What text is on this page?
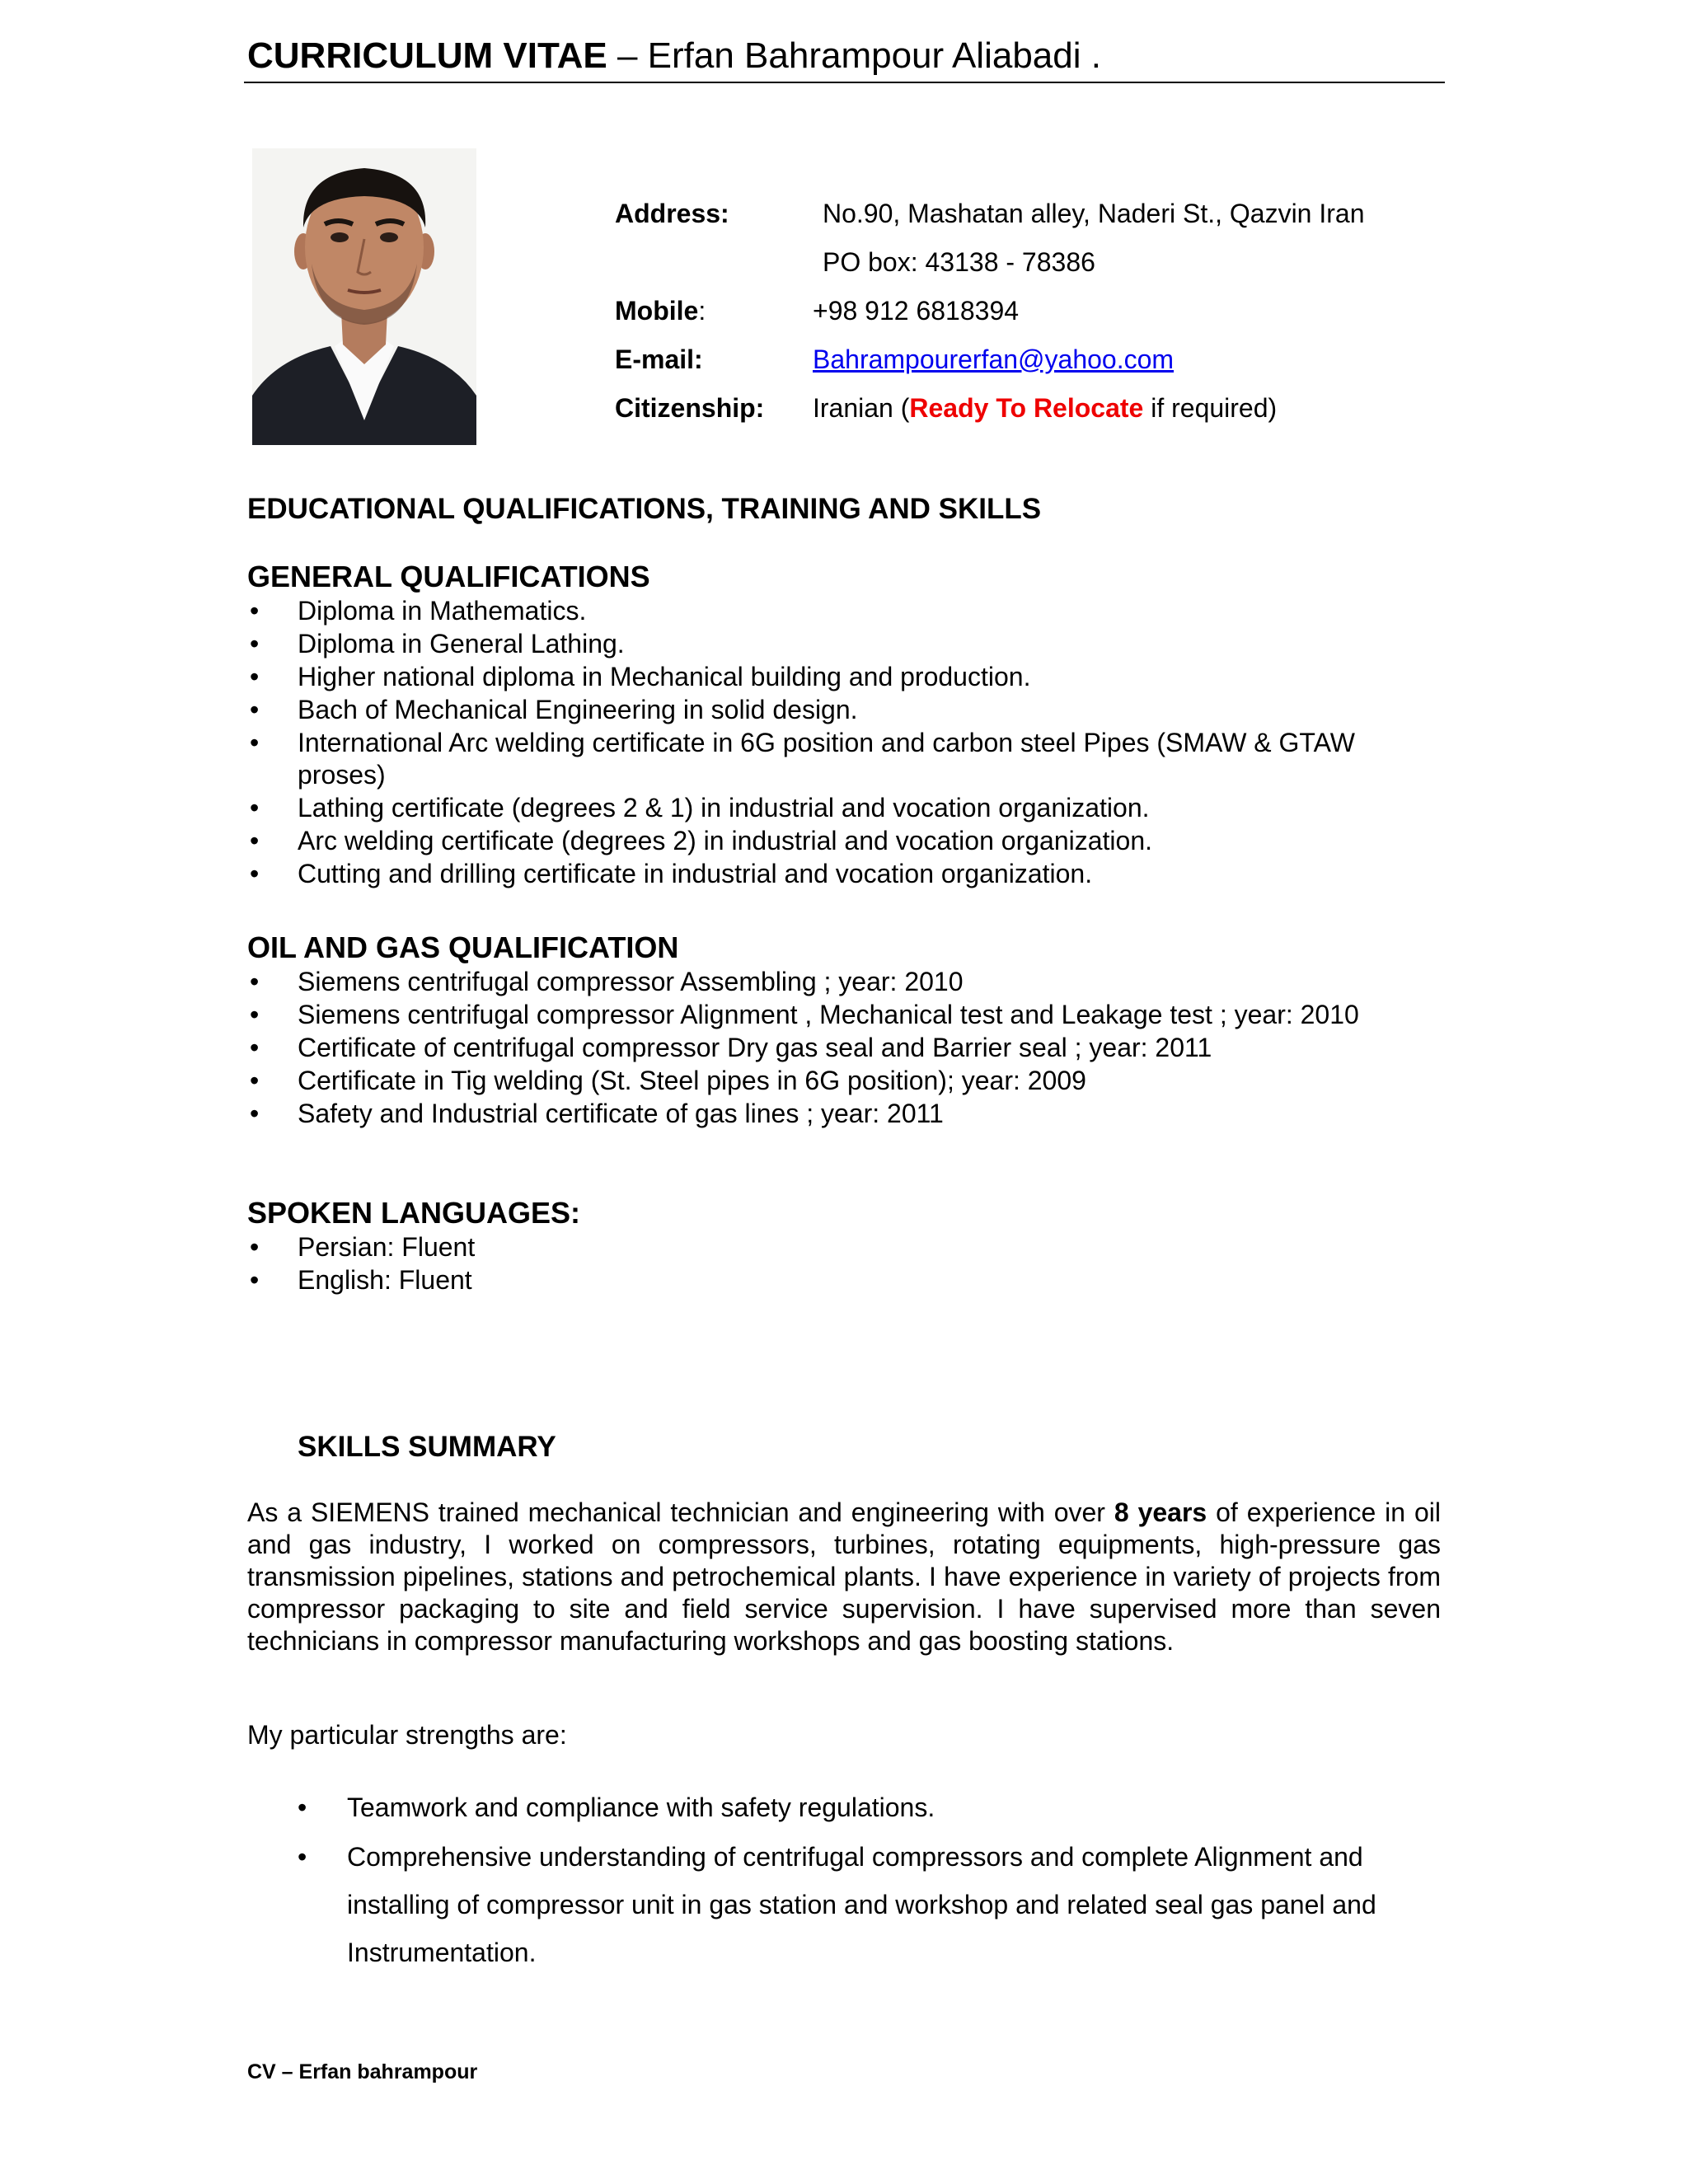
CURRICULUM VITAE – Erfan Bahrampour Aliabadi .
Address:	No.90, Mashatan alley, Naderi St., Qazvin Iran
PO box: 43138 - 78386
Mobile:	+98 912 6818394
E-mail:	Bahrampourerfan@yahoo.com
Citizenship: Iranian (Ready To Relocate if required)
EDUCATIONAL QUALIFICATIONS, TRAINING AND SKILLS
GENERAL QUALIFICATIONS
• Diploma in Mathematics.
• Diploma in General Lathing.
• Higher national diploma in Mechanical building and production.
• Bach of Mechanical Engineering in solid design.
• International Arc welding certificate in 6G position and carbon steel Pipes (SMAW & GTAW proses)
• Lathing certificate (degrees 2 & 1) in industrial and vocation organization.
• Arc welding certificate (degrees 2) in industrial and vocation organization.
• Cutting and drilling certificate in industrial and vocation organization.
OIL AND GAS QUALIFICATION
• Siemens centrifugal compressor Assembling ; year: 2010
• Siemens centrifugal compressor Alignment , Mechanical test and Leakage test ; year: 2010
• Certificate of centrifugal compressor Dry gas seal and Barrier seal ; year: 2011
• Certificate in Tig welding (St. Steel pipes in 6G position); year: 2009
• Safety and Industrial certificate of gas lines ; year: 2011
SPOKEN LANGUAGES:
• Persian: Fluent
• English: Fluent
SKILLS SUMMARY
As a SIEMENS trained mechanical technician and engineering with over 8 years of experience in oil and gas industry, I worked on compressors, turbines, rotating equipments, high-pressure gas transmission pipelines, stations and petrochemical plants. I have experience in variety of projects from compressor packaging to site and field service supervision. I have supervised more than seven technicians in compressor manufacturing workshops and gas boosting stations.
My particular strengths are:
• Teamwork and compliance with safety regulations.
• Comprehensive understanding of centrifugal compressors and complete Alignment and installing of compressor unit in gas station and workshop and related seal gas panel and Instrumentation.
CV – Erfan bahrampour
